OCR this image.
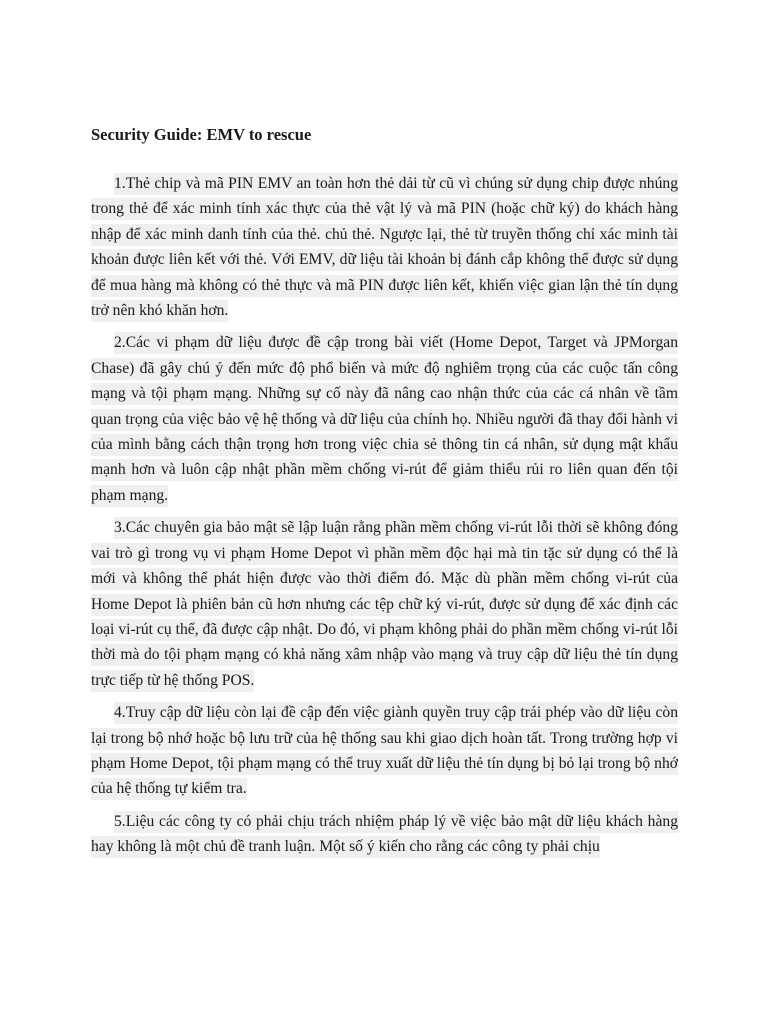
Security Guide: EMV to rescue

1.Thẻ chip và mã PIN EMV an toàn hơn thẻ dải từ cũ vì chúng sử dụng chip được nhúng trong thẻ để xác minh tính xác thực của thẻ vật lý và mã PIN (hoặc chữ ký) do khách hàng nhập để xác minh danh tính của thẻ. chủ thẻ. Ngược lại, thẻ từ truyền thống chỉ xác minh tài khoản được liên kết với thẻ. Với EMV, dữ liệu tài khoản bị đánh cắp không thể được sử dụng để mua hàng mà không có thẻ thực và mã PIN được liên kết, khiến việc gian lận thẻ tín dụng trở nên khó khăn hơn.

2.Các vi phạm dữ liệu được đề cập trong bài viết (Home Depot, Target và JPMorgan Chase) đã gây chú ý đến mức độ phổ biến và mức độ nghiêm trọng của các cuộc tấn công mạng và tội phạm mạng. Những sự cố này đã nâng cao nhận thức của các cá nhân về tầm quan trọng của việc bảo vệ hệ thống và dữ liệu của chính họ. Nhiều người đã thay đổi hành vi của mình bằng cách thận trọng hơn trong việc chia sẻ thông tin cá nhân, sử dụng mật khẩu mạnh hơn và luôn cập nhật phần mềm chống vi-rút để giảm thiểu rủi ro liên quan đến tội phạm mạng.

3.Các chuyên gia bảo mật sẽ lập luận rằng phần mềm chống vi-rút lỗi thời sẽ không đóng vai trò gì trong vụ vi phạm Home Depot vì phần mềm độc hại mà tin tặc sử dụng có thể là mới và không thể phát hiện được vào thời điểm đó. Mặc dù phần mềm chống vi-rút của Home Depot là phiên bản cũ hơn nhưng các tệp chữ ký vi-rút, được sử dụng để xác định các loại vi-rút cụ thể, đã được cập nhật. Do đó, vi phạm không phải do phần mềm chống vi-rút lỗi thời mà do tội phạm mạng có khả năng xâm nhập vào mạng và truy cập dữ liệu thẻ tín dụng trực tiếp từ hệ thống POS.

4.Truy cập dữ liệu còn lại đề cập đến việc giành quyền truy cập trái phép vào dữ liệu còn lại trong bộ nhớ hoặc bộ lưu trữ của hệ thống sau khi giao dịch hoàn tất. Trong trường hợp vi phạm Home Depot, tội phạm mạng có thể truy xuất dữ liệu thẻ tín dụng bị bỏ lại trong bộ nhớ của hệ thống tự kiểm tra.

5.Liệu các công ty có phải chịu trách nhiệm pháp lý về việc bảo mật dữ liệu khách hàng hay không là một chủ đề tranh luận. Một số ý kiến cho rằng các công ty phải chịu
